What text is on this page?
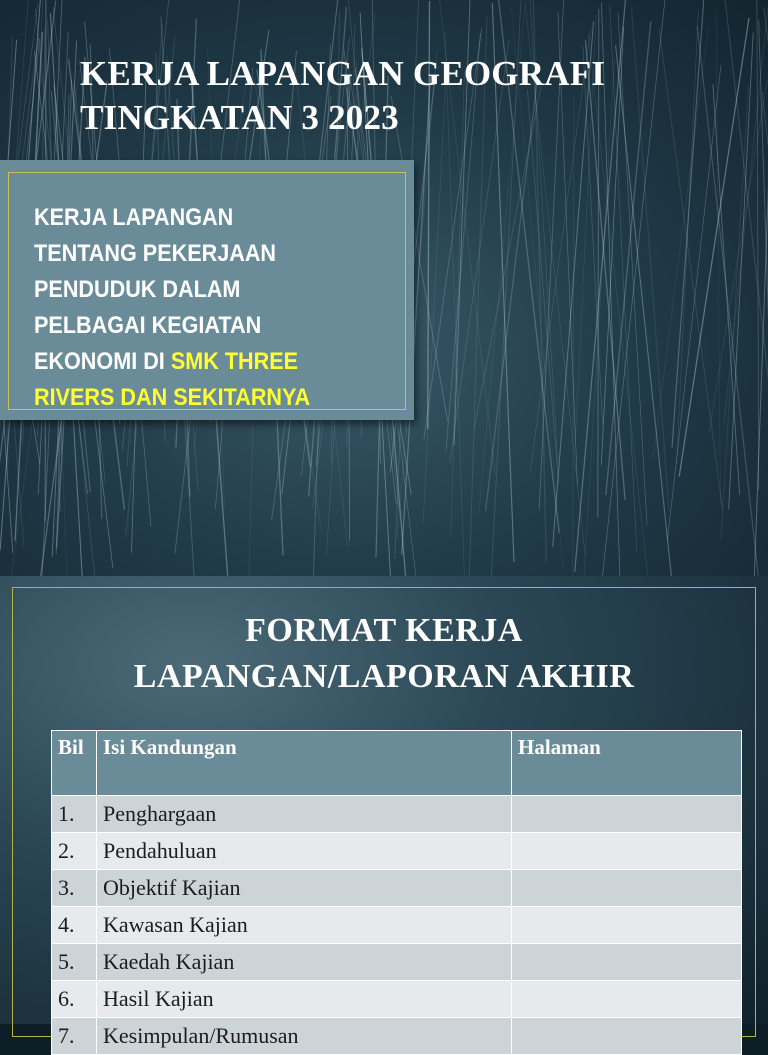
KERJA LAPANGAN GEOGRAFI
TINGKATAN 3 2023
KERJA LAPANGAN
TENTANG PEKERJAAN
PENDUDUK DALAM
PELBAGAI KEGIATAN
EKONOMI DI SMK THREE
RIVERS DAN SEKITARNYA
FORMAT KERJA
LAPANGAN/LAPORAN AKHIR
Bil	Isi Kandungan	Halaman
1.	Penghargaan	
2.	Pendahuluan	
3.	Objektif Kajian	
4.	Kawasan Kajian	
5.	Kaedah Kajian	
6.	Hasil Kajian	
7.	Kesimpulan/Rumusan	
